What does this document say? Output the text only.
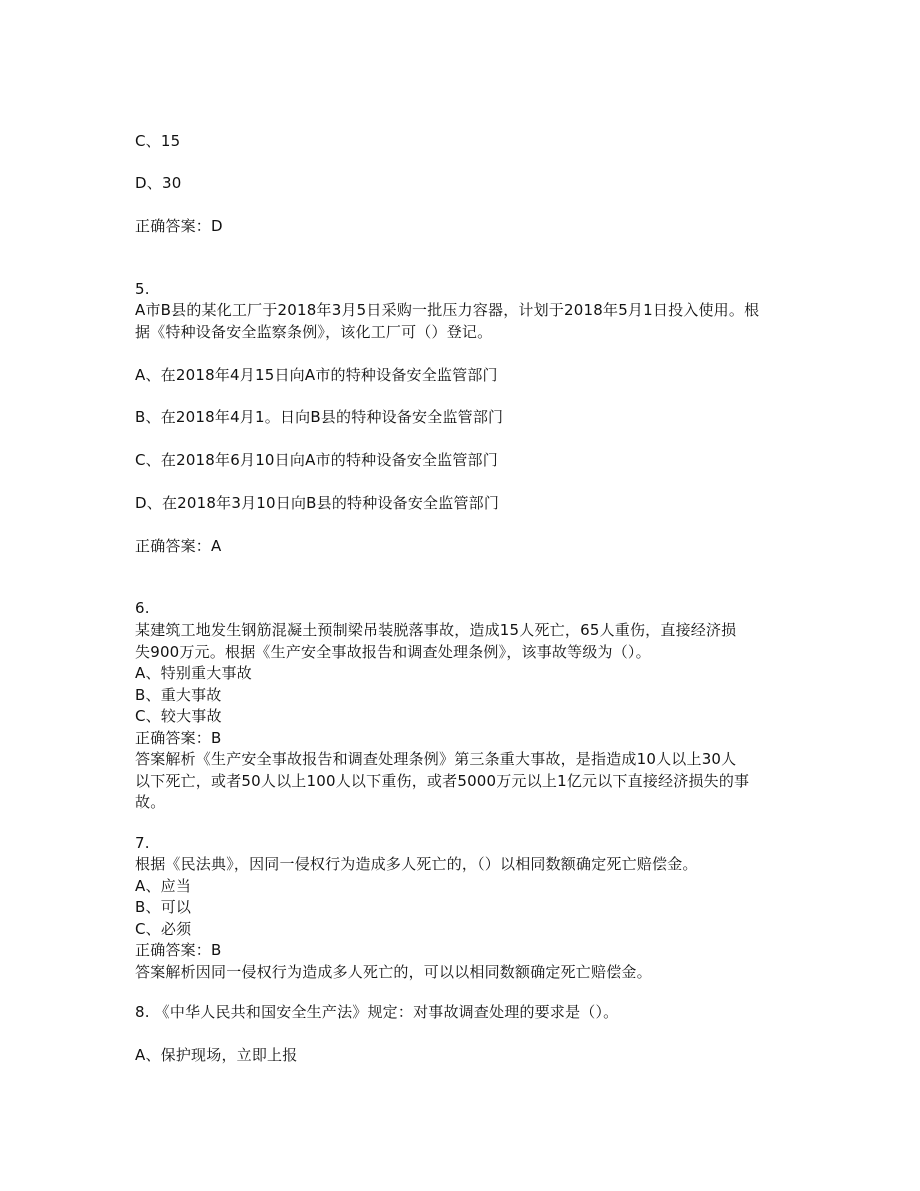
C、15
D、30
正确答案：D
5.
A市B县的某化工厂于2018年3月5日采购一批压力容器，计划于2018年5月1日投入使用。根
据《特种设备安全监察条例》，该化工厂可（）登记。
A、在2018年4月15日向A市的特种设备安全监管部门
B、在2018年4月1。日向B县的特种设备安全监管部门
C、在2018年6月10日向A市的特种设备安全监管部门
D、在2018年3月10日向B县的特种设备安全监管部门
正确答案：A
6.
某建筑工地发生钢筋混凝土预制梁吊装脱落事故，造成15人死亡，65人重伤，直接经济损
失900万元。根据《生产安全事故报告和调查处理条例》，该事故等级为（）。
A、特别重大事故
B、重大事故
C、较大事故
正确答案：B
答案解析《生产安全事故报告和调查处理条例》第三条重大事故，是指造成10人以上30人
以下死亡，或者50人以上100人以下重伤，或者5000万元以上1亿元以下直接经济损失的事
故。
7.
根据《民法典》，因同一侵权行为造成多人死亡的，（）以相同数额确定死亡赔偿金。
A、应当
B、可以
C、必须
正确答案：B
答案解析因同一侵权行为造成多人死亡的，可以以相同数额确定死亡赔偿金。
8. 《中华人民共和国安全生产法》规定：对事故调查处理的要求是（）。
A、保护现场，立即上报
